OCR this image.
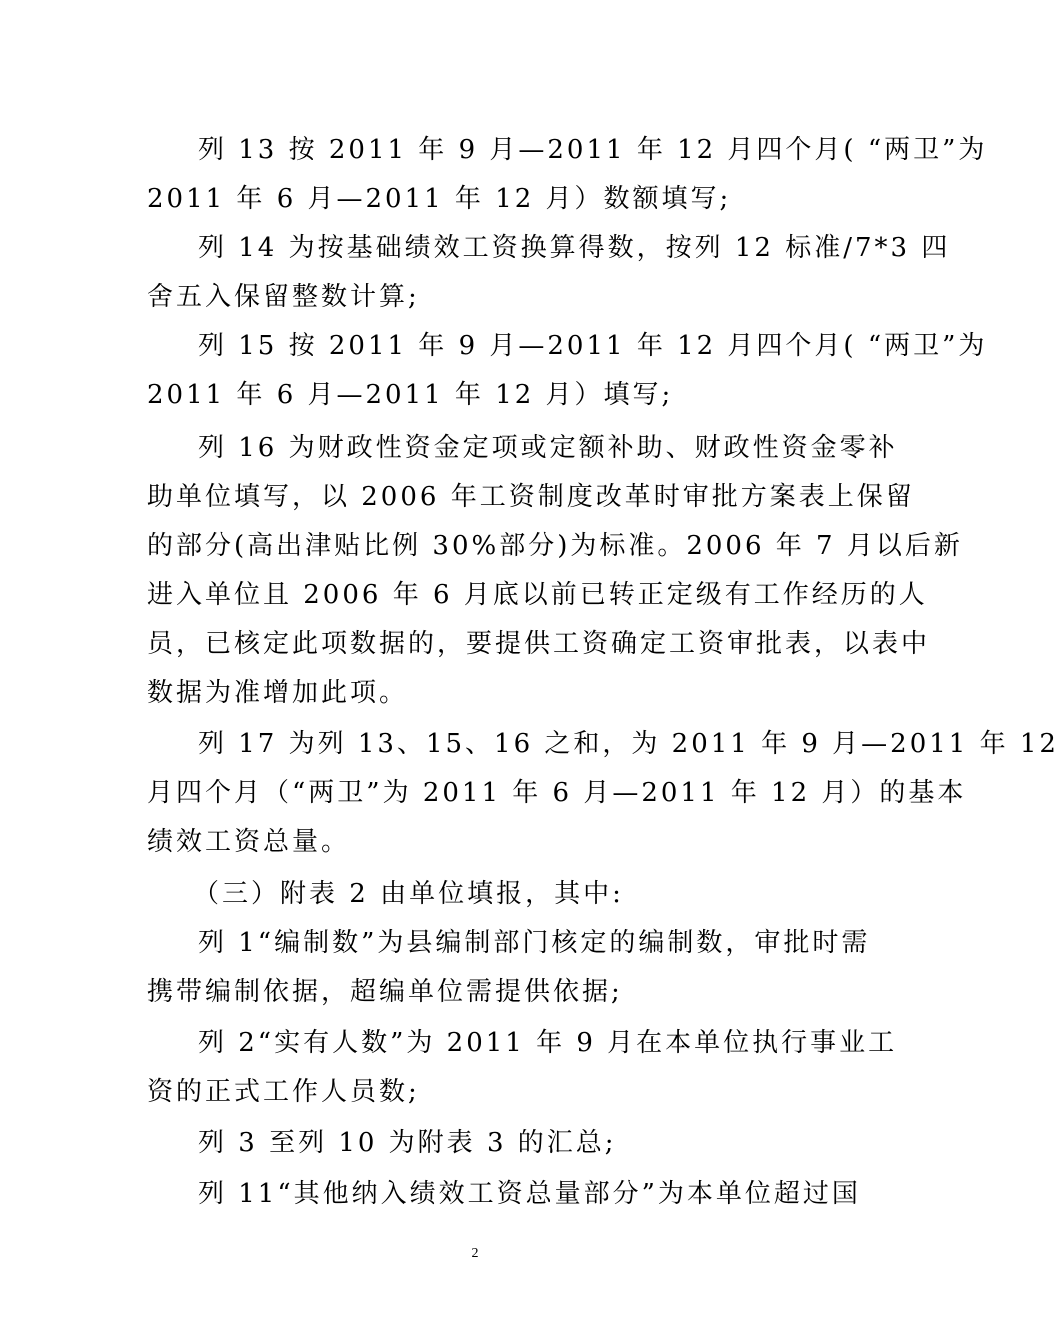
列 13 按 2011 年 9 月—2011 年 12 月四个月( “两卫”为
2011 年 6 月—2011 年 12 月）数额填写;
列 14 为按基础绩效工资换算得数，按列 12 标准/7*3 四
舍五入保留整数计算;
列 15 按 2011 年 9 月—2011 年 12 月四个月( “两卫”为
2011 年 6 月—2011 年 12 月）填写;
列 16 为财政性资金定项或定额补助、财政性资金零补
助单位填写，以 2006 年工资制度改革时审批方案表上保留
的部分(高出津贴比例 30%部分)为标准。2006 年 7 月以后新
进入单位且 2006 年 6 月底以前已转正定级有工作经历的人
员，已核定此项数据的，要提供工资确定工资审批表，以表中
数据为准增加此项。
列 17 为列 13、15、16 之和，为 2011 年 9 月—2011 年 12
月四个月（“两卫”为 2011 年 6 月—2011 年 12 月）的基本
绩效工资总量。
（三）附表 2 由单位填报，其中:
列 1“编制数”为县编制部门核定的编制数，审批时需
携带编制依据，超编单位需提供依据;
列 2“实有人数”为 2011 年 9 月在本单位执行事业工
资的正式工作人员数;
列 3 至列 10 为附表 3 的汇总;
列 11“其他纳入绩效工资总量部分”为本单位超过国
2
